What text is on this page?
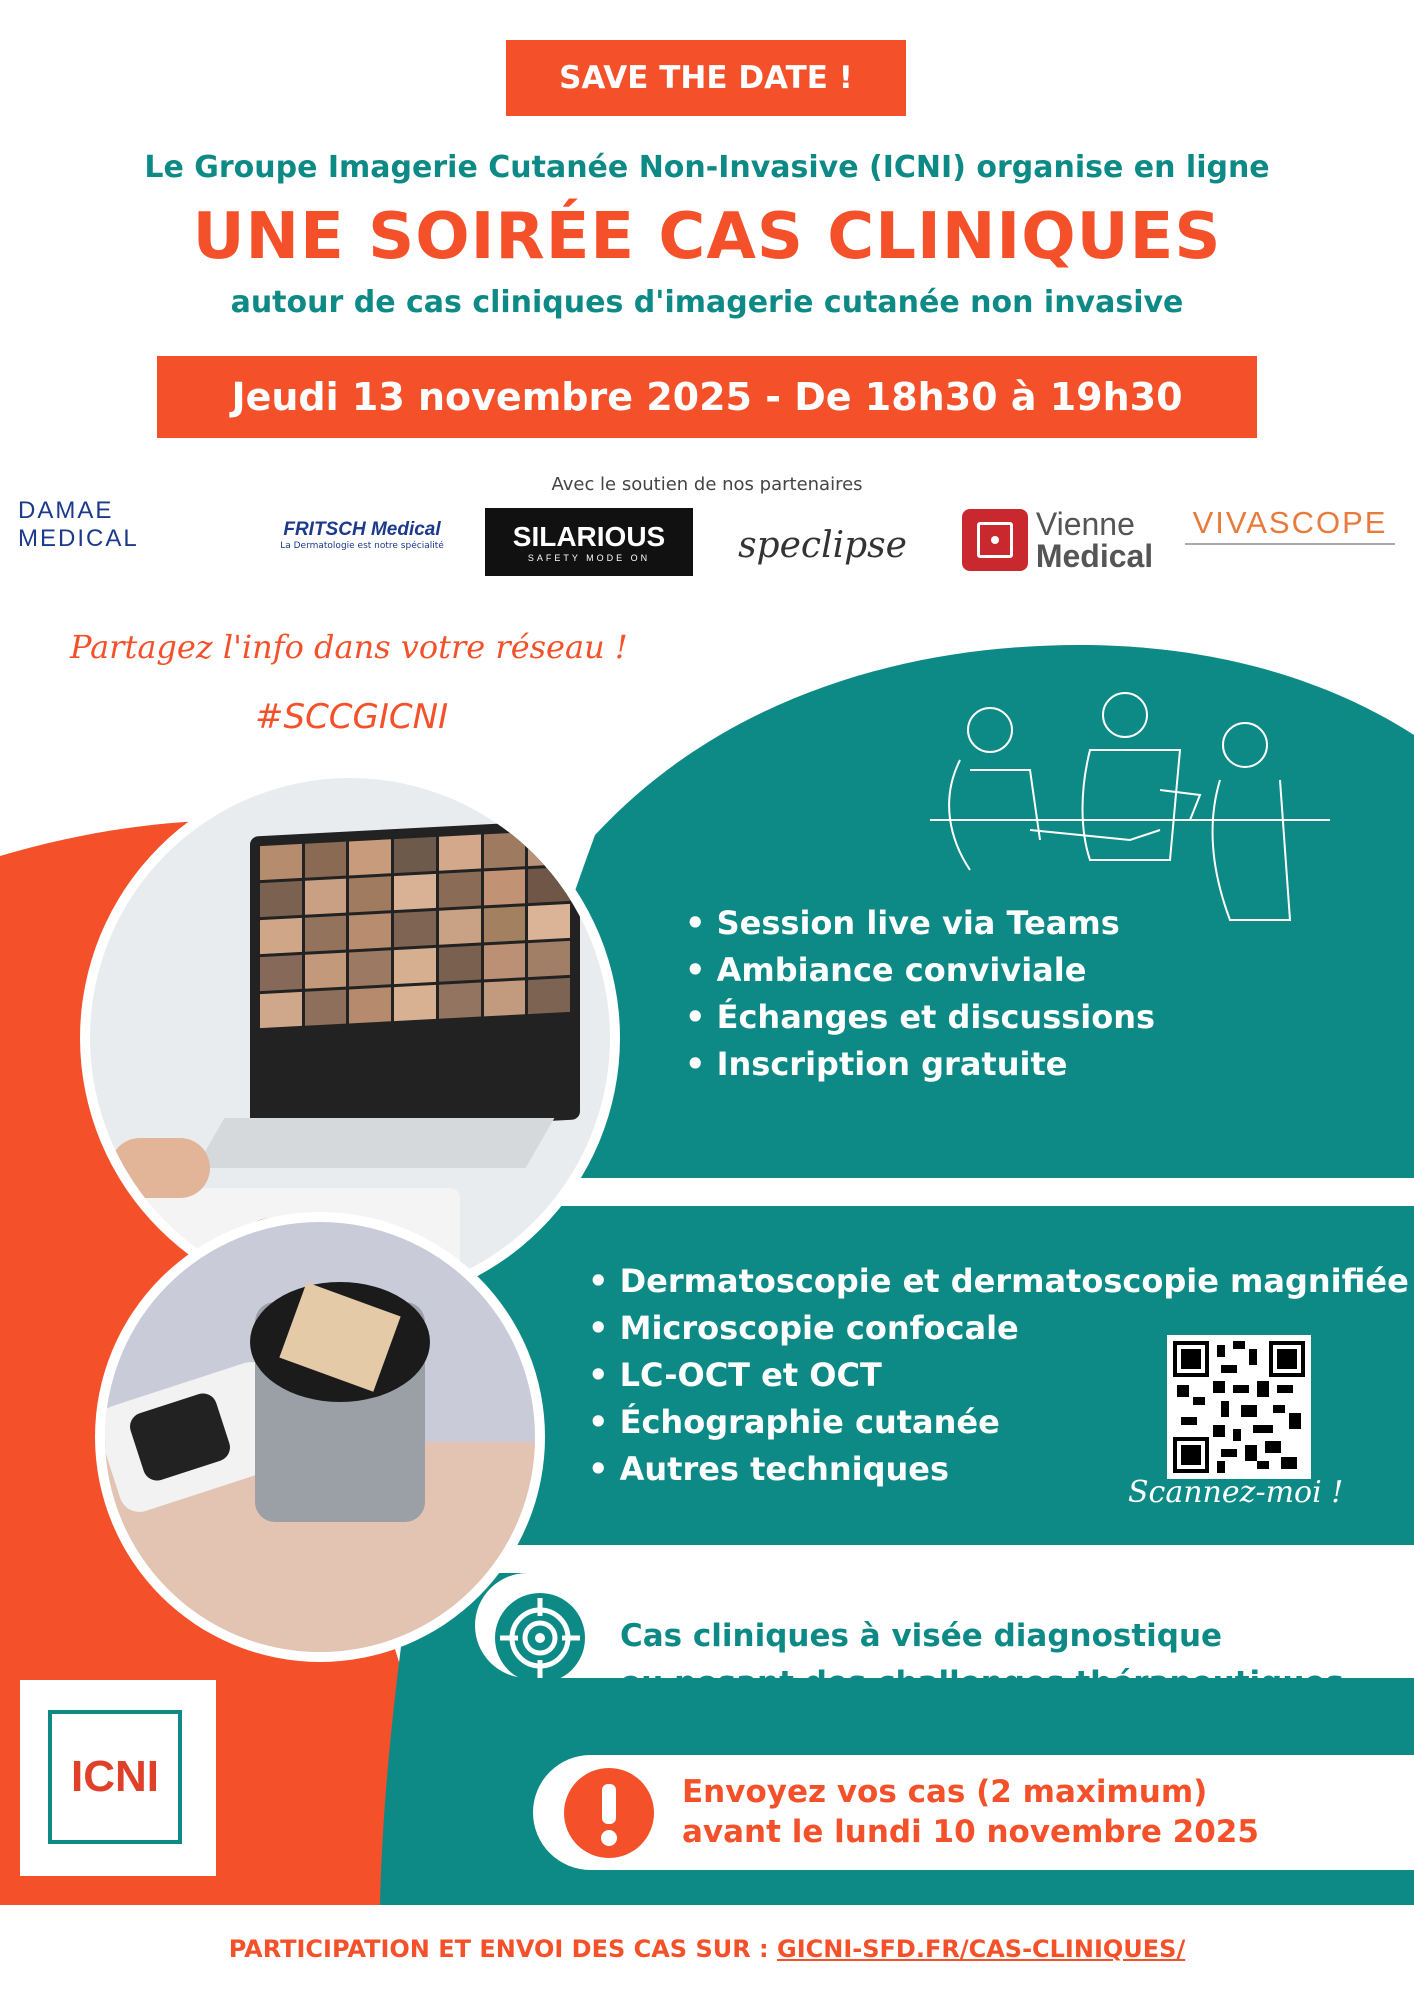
SAVE THE DATE !
Le Groupe Imagerie Cutanée Non-Invasive (ICNI) organise en ligne
UNE SOIRÉE CAS CLINIQUES
autour de cas cliniques d'imagerie cutanée non invasive
Jeudi 13 novembre 2025 - De 18h30 à 19h30
Avec le soutien de nos partenaires
DAMAE MEDICAL	FRITSCH Medical
La Dermatologie est notre spécialité SILARIOUS
SAFETY MODE ON speclipse
Vienne
Medical
VIVASCOPE
Partagez l'info dans votre réseau !
#SCCGICNI
• Session live via Teams
• Ambiance conviviale
• Échanges et discussions
• Inscription gratuite
• Dermatoscopie et dermatoscopie magnifiée
• Microscopie confocale
• LC-OCT et OCT
• Échographie cutanée
• Autres techniques
Scannez-moi !
Cas cliniques à visée diagnostique
ou posant des challenges thérapeutiques
Envoyez vos cas (2 maximum)
avant le lundi 10 novembre 2025
ICNI
PARTICIPATION ET ENVOI DES CAS SUR : GICNI-SFD.FR/CAS-CLINIQUES/
